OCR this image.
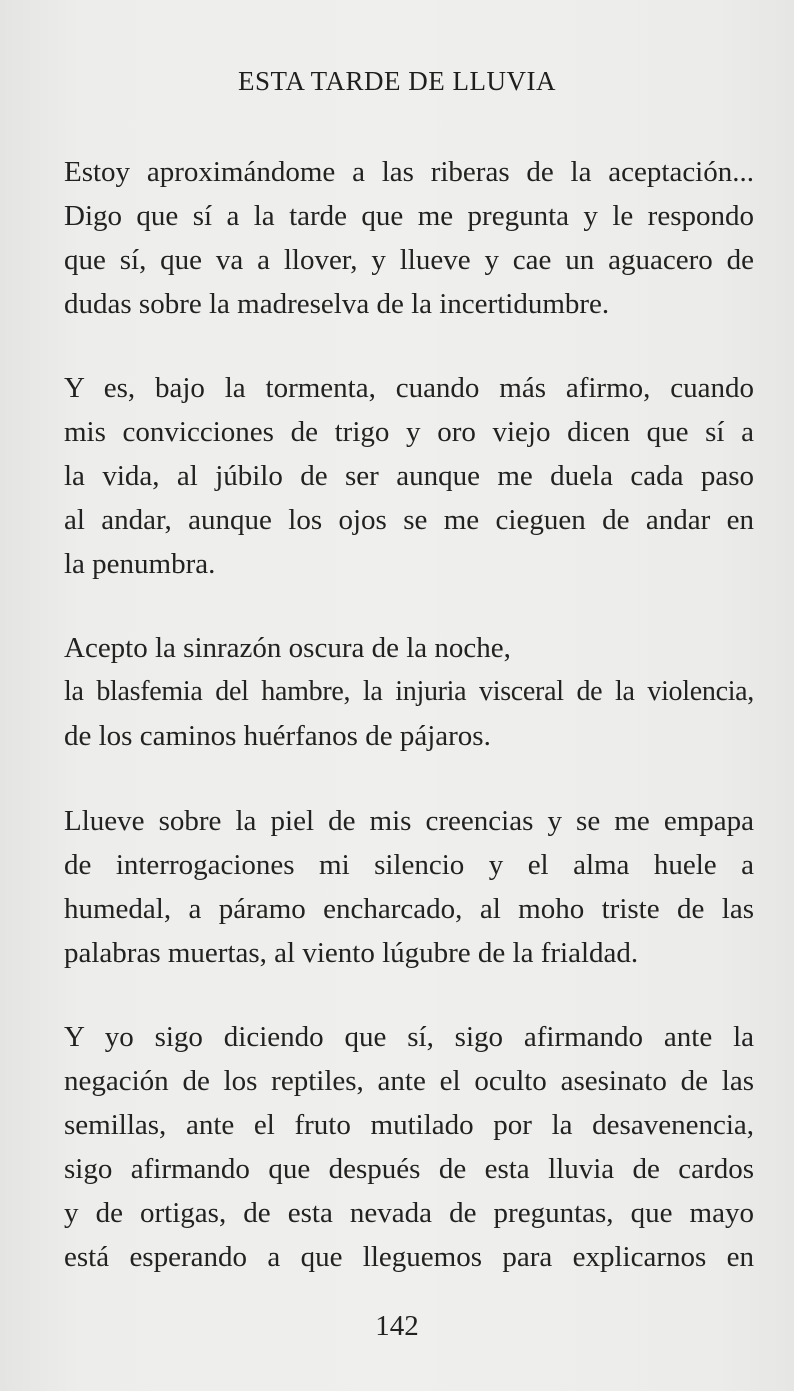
ESTA TARDE DE LLUVIA
Estoy aproximándome a las riberas de la aceptación...
Digo que sí a la tarde que me pregunta y le respondo
que sí, que va a llover, y llueve y cae un aguacero de
dudas sobre la madreselva de la incertidumbre.
Y es, bajo la tormenta, cuando más afirmo, cuando
mis convicciones de trigo y oro viejo dicen que sí a
la vida, al júbilo de ser aunque me duela cada paso
al andar, aunque los ojos se me cieguen de andar en
la penumbra.
Acepto la sinrazón oscura de la noche,
la blasfemia del hambre, la injuria visceral de la violencia,
de los caminos huérfanos de pájaros.
Llueve sobre la piel de mis creencias y se me empapa
de interrogaciones mi silencio y el alma huele a
humedal, a páramo encharcado, al moho triste de las
palabras muertas, al viento lúgubre de la frialdad.
Y yo sigo diciendo que sí, sigo afirmando ante la
negación de los reptiles, ante el oculto asesinato de las
semillas, ante el fruto mutilado por la desavenencia,
sigo afirmando que después de esta lluvia de cardos
y de ortigas, de esta nevada de preguntas, que mayo
está esperando a que lleguemos para explicarnos en
142
